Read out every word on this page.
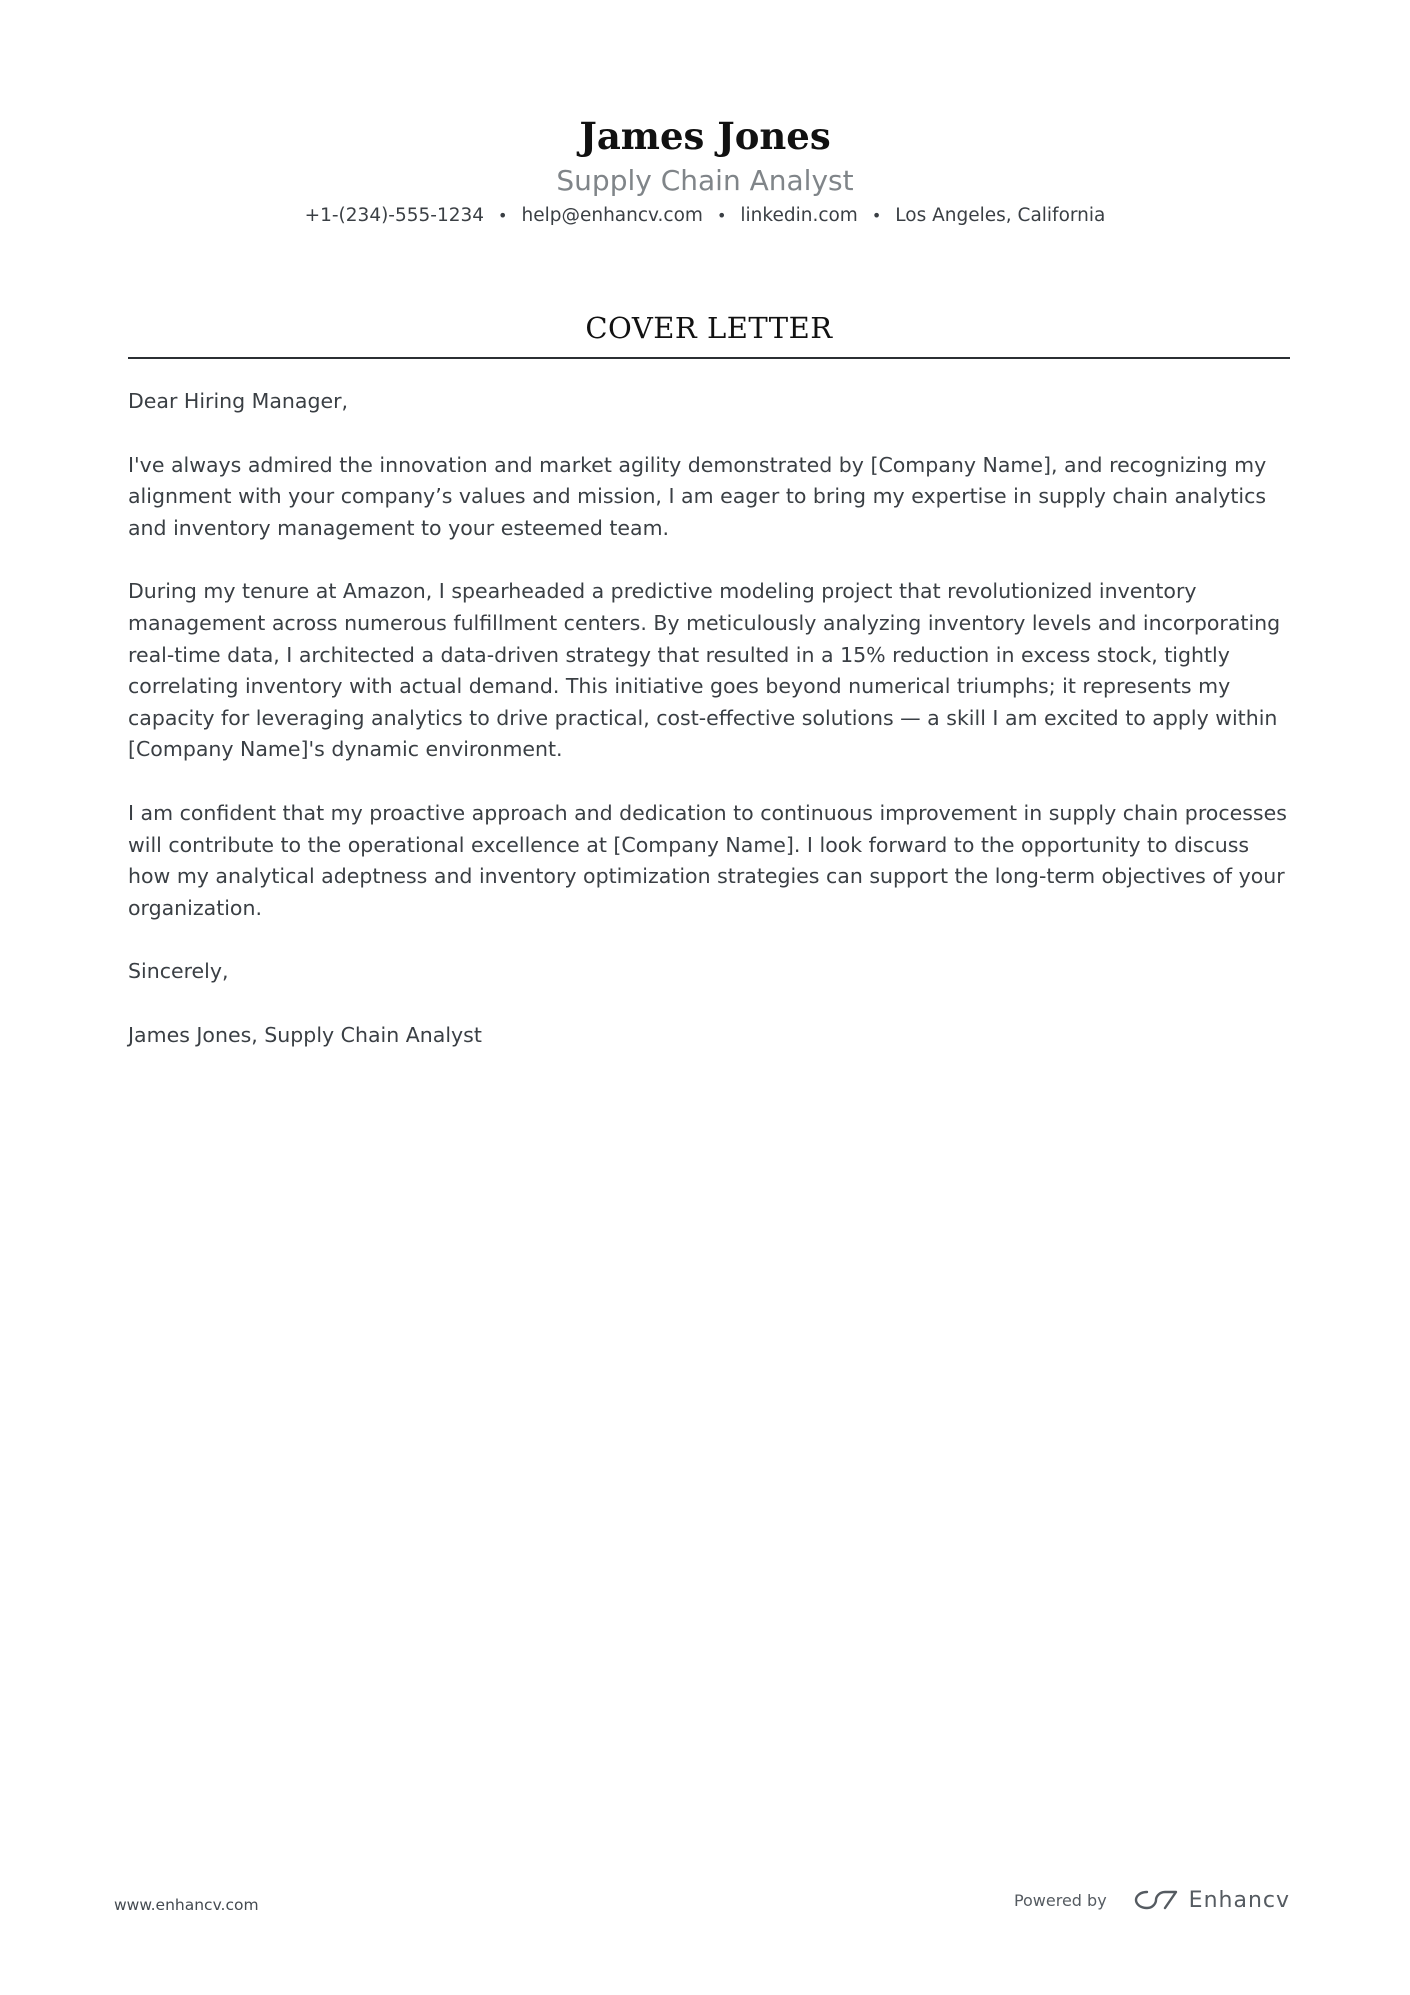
James Jones
Supply Chain Analyst
+1-(234)-555-1234 • help@enhancv.com • linkedin.com • Los Angeles, California
COVER LETTER

Dear Hiring Manager,

I've always admired the innovation and market agility demonstrated by [Company Name], and recognizing my alignment with your company’s values and mission, I am eager to bring my expertise in supply chain analytics and inventory management to your esteemed team.

During my tenure at Amazon, I spearheaded a predictive modeling project that revolutionized inventory management across numerous fulfillment centers. By meticulously analyzing inventory levels and incorporating real-time data, I architected a data-driven strategy that resulted in a 15% reduction in excess stock, tightly correlating inventory with actual demand. This initiative goes beyond numerical triumphs; it represents my capacity for leveraging analytics to drive practical, cost-effective solutions — a skill I am excited to apply within [Company Name]'s dynamic environment.

I am confident that my proactive approach and dedication to continuous improvement in supply chain processes will contribute to the operational excellence at [Company Name]. I look forward to the opportunity to discuss how my analytical adeptness and inventory optimization strategies can support the long-term objectives of your organization.

Sincerely,

James Jones, Supply Chain Analyst

www.enhancv.com	Powered by	Enhancv
